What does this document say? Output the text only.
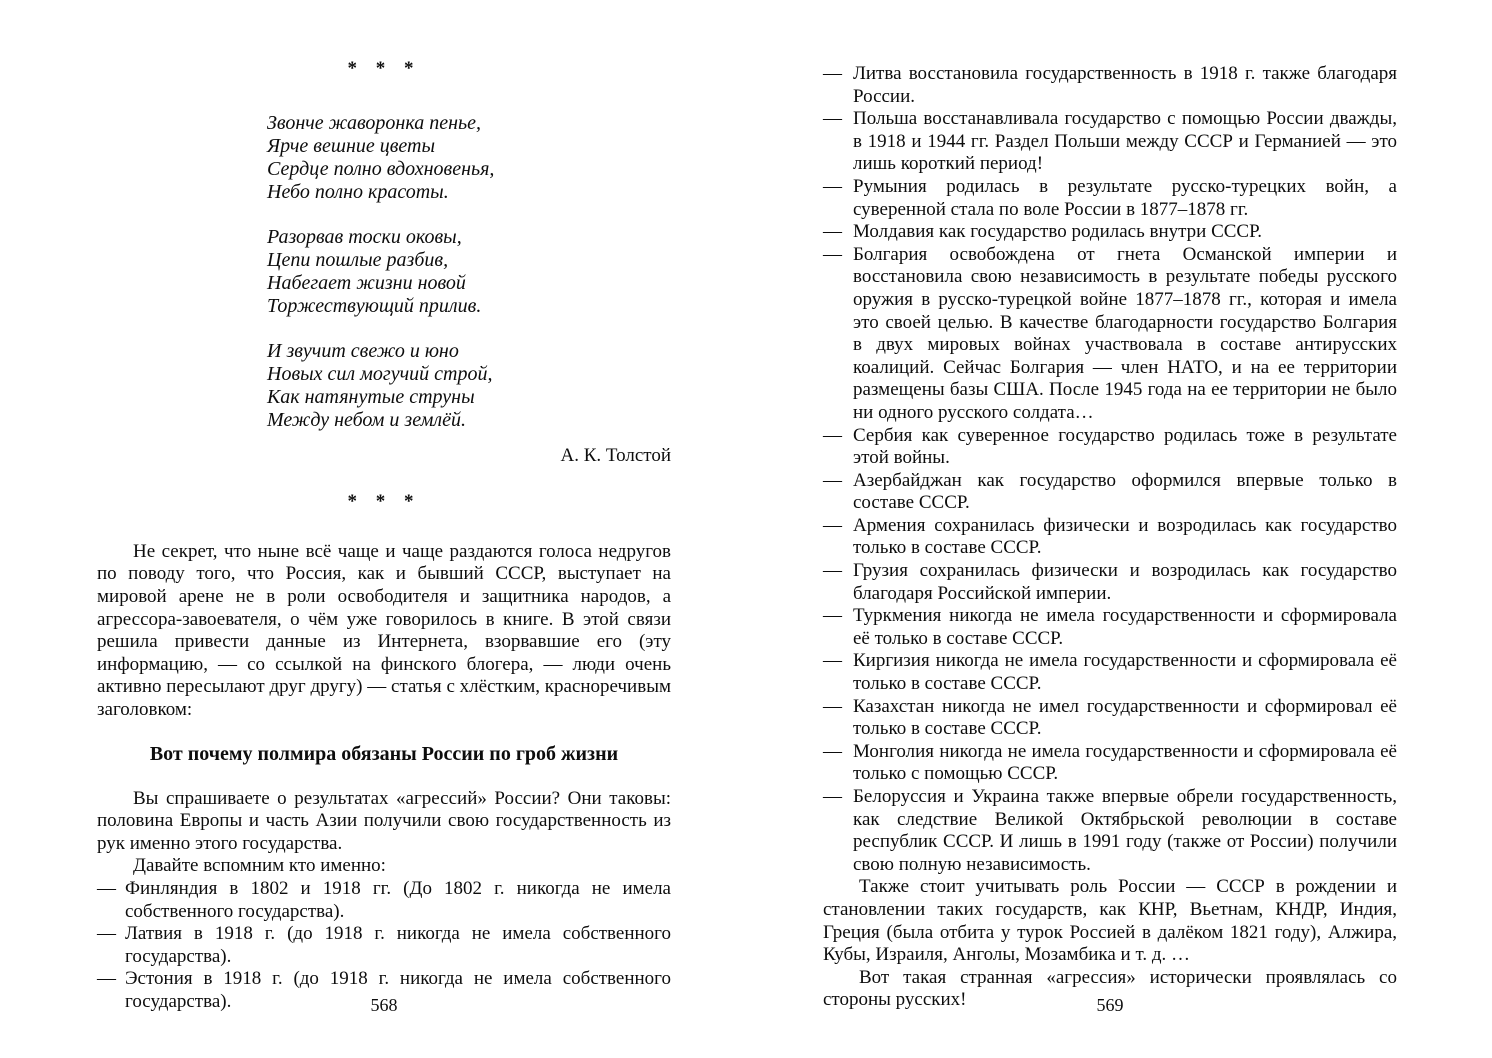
* * *
Звонче жаворонка пенье,
Ярче вешние цветы
Сердце полно вдохновенья,
Небо полно красоты.
Разорвав тоски оковы,
Цепи пошлые разбив,
Набегает жизни новой
Торжествующий прилив.
И звучит свежо и юно
Новых сил могучий строй,
Как натянутые струны
Между небом и землёй.
А. К. Толстой
* * *

Не секрет, что ныне всё чаще и чаще раздаются голоса недругов по поводу того, что Россия, как и бывший СССР, выступает на мировой арене не в роли освободителя и защитника народов, а агрессора-завоевателя, о чём уже говорилось в книге. В этой связи решила привести данные из Интернета, взорвавшие его (эту информацию, — со ссылкой на финского блогера, — люди очень активно пересылают друг другу) — статья с хлёстким, красноречивым заголовком:

Вот почему полмира обязаны России по гроб жизни

Вы спрашиваете о результатах «агрессий» России? Они таковы: половина Европы и часть Азии получили свою государственность из рук именно этого государства.

Давайте вспомним кто именно:

— Финляндия в 1802 и 1918 гг. (До 1802 г. никогда не имела собственного государства).
— Латвия в 1918 г. (до 1918 г. никогда не имела собственного государства).
— Эстония в 1918 г. (до 1918 г. никогда не имела собственного государства).	568
— Литва восстановила государственность в 1918 г. также благодаря России.
— Польша восстанавливала государство с помощью России дважды, в 1918 и 1944 гг. Раздел Польши между СССР и Германией — это лишь короткий период!
— Румыния родилась в результате русско-турецких войн, а суверенной стала по воле России в 1877–1878 гг.
— Молдавия как государство родилась внутри СССР.
— Болгария освобождена от гнета Османской империи и восстановила свою независимость в результате победы русского оружия в русско-турецкой войне 1877–1878 гг., которая и имела это своей целью. В качестве благодарности государство Болгария в двух мировых войнах участвовала в составе антирусских коалиций. Сейчас Болгария — член НАТО, и на ее территории размещены базы США. После 1945 года на ее территории не было ни одного русского солдата…
— Сербия как суверенное государство родилась тоже в результате этой войны.
— Азербайджан как государство оформился впервые только в составе СССР.
— Армения сохранилась физически и возродилась как государство только в составе СССР.
— Грузия сохранилась физически и возродилась как государство благодаря Российской империи.
— Туркмения никогда не имела государственности и сформировала её только в составе СССР.
— Киргизия никогда не имела государственности и сформировала её только в составе СССР.
— Казахстан никогда не имел государственности и сформировал её только в составе СССР.
— Монголия никогда не имела государственности и сформировала её только с помощью СССР.
— Белоруссия и Украина также впервые обрели государственность, как следствие Великой Октябрьской революции в составе республик СССР. И лишь в 1991 году (также от России) получили свою полную независимость.

Также стоит учитывать роль России — СССР в рождении и становлении таких государств, как КНР, Вьетнам, КНДР, Индия, Греция (была отбита у турок Россией в далёком 1821 году), Алжира, Кубы, Израиля, Анголы, Мозамбика и т. д. …

Вот такая странная «агрессия» исторически проявлялась со стороны русских!	569
